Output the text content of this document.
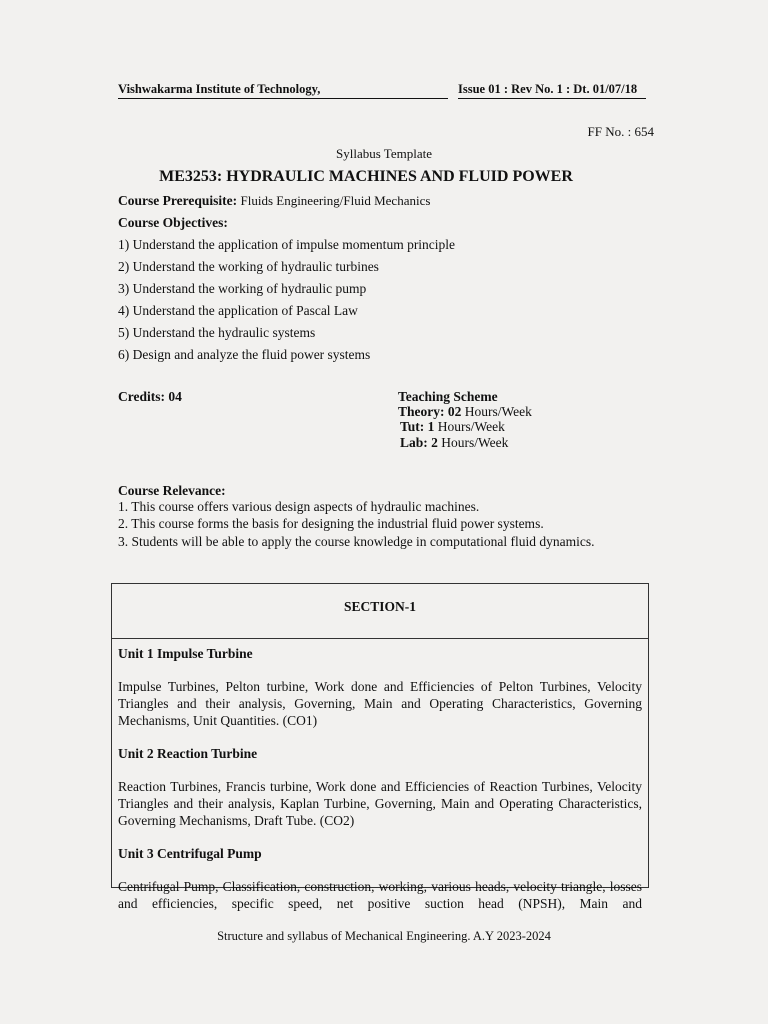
Vishwakarma Institute of Technology,	Issue 01 : Rev No. 1 : Dt. 01/07/18
FF No. : 654
Syllabus Template
ME3253: HYDRAULIC MACHINES AND FLUID POWER
Course Prerequisite: Fluids Engineering/Fluid Mechanics
Course Objectives:
1) Understand the application of impulse momentum principle
2) Understand the working of hydraulic turbines
3) Understand the working of hydraulic pump
4) Understand the application of Pascal Law
5) Understand the hydraulic systems
6) Design and analyze the fluid power systems
Credits: 04	Teaching Scheme
Theory: 02 Hours/Week
Tut: 1 Hours/Week
Lab: 2 Hours/Week
Course Relevance:
1. This course offers various design aspects of hydraulic machines.
2. This course forms the basis for designing the industrial fluid power systems.
3. Students will be able to apply the course knowledge in computational fluid dynamics.
SECTION-1

Unit 1 Impulse Turbine

Impulse Turbines, Pelton turbine, Work done and Efficiencies of Pelton Turbines, Velocity Triangles and their analysis, Governing, Main and Operating Characteristics, Governing Mechanisms, Unit Quantities. (CO1)

Unit 2 Reaction Turbine

Reaction Turbines, Francis turbine, Work done and Efficiencies of Reaction Turbines, Velocity Triangles and their analysis, Kaplan Turbine, Governing, Main and Operating Characteristics, Governing Mechanisms, Draft Tube. (CO2)

Unit 3 Centrifugal Pump

Centrifugal Pump, Classification, construction, working, various heads, velocity triangle, losses and efficiencies, specific speed, net positive suction head (NPSH), Main and

Structure and syllabus of Mechanical Engineering. A.Y 2023-2024
